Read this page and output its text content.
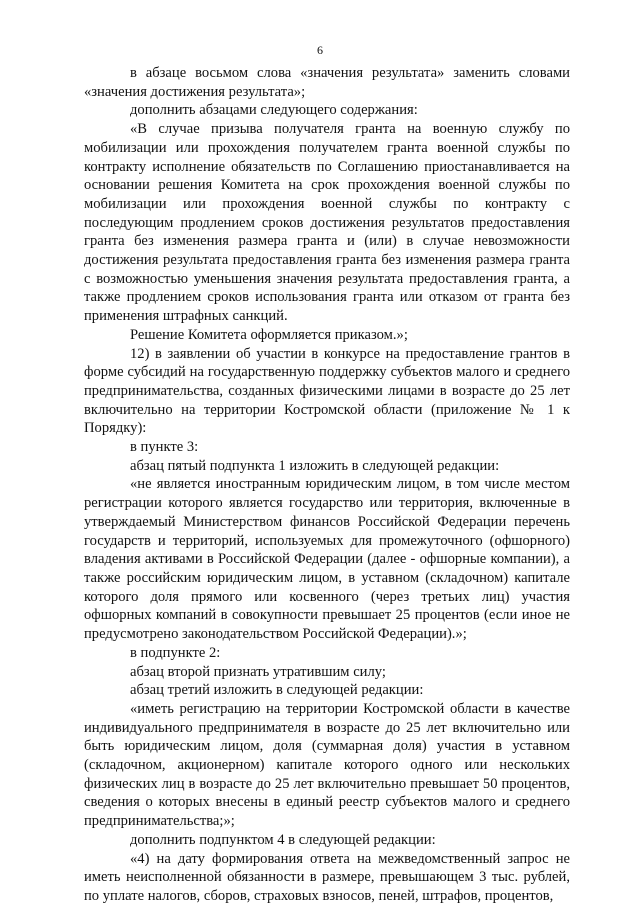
6

в абзаце восьмом слова «значения результата» заменить словами «значения достижения результата»;

дополнить абзацами следующего содержания:

«В случае призыва получателя гранта на военную службу по мобилизации или прохождения получателем гранта военной службы по контракту исполнение обязательств по Соглашению приостанавливается на основании решения Комитета на срок прохождения военной службы по мобилизации или прохождения военной службы по контракту с последующим продлением сроков достижения результатов предоставления гранта без изменения размера гранта и (или) в случае невозможности достижения результата предоставления гранта без изменения размера гранта с возможностью уменьшения значения результата предоставления гранта, а также продлением сроков использования гранта или отказом от гранта без применения штрафных санкций.

Решение Комитета оформляется приказом.»;

12) в заявлении об участии в конкурсе на предоставление грантов в форме субсидий на государственную поддержку субъектов малого и среднего предпринимательства, созданных физическими лицами в возрасте до 25 лет включительно на территории Костромской области (приложение № 1 к Порядку):

в пункте 3:

абзац пятый подпункта 1 изложить в следующей редакции:

«не является иностранным юридическим лицом, в том числе местом регистрации которого является государство или территория, включенные в утверждаемый Министерством финансов Российской Федерации перечень государств и территорий, используемых для промежуточного (офшорного) владения активами в Российской Федерации (далее - офшорные компании), а также российским юридическим лицом, в уставном (складочном) капитале которого доля прямого или косвенного (через третьих лиц) участия офшорных компаний в совокупности превышает 25 процентов (если иное не предусмотрено законодательством Российской Федерации).»;

в подпункте 2:

абзац второй признать утратившим силу;

абзац третий изложить в следующей редакции:

«иметь регистрацию на территории Костромской области в качестве индивидуального предпринимателя в возрасте до 25 лет включительно или быть юридическим лицом, доля (суммарная доля) участия в уставном (складочном, акционерном) капитале которого одного или нескольких физических лиц в возрасте до 25 лет включительно превышает 50 процентов, сведения о которых внесены в единый реестр субъектов малого и среднего предпринимательства;»;

дополнить подпунктом 4 в следующей редакции:

«4) на дату формирования ответа на межведомственный запрос не иметь неисполненной обязанности в размере, превышающем 3 тыс. рублей, по уплате налогов, сборов, страховых взносов, пеней, штрафов, процентов,
